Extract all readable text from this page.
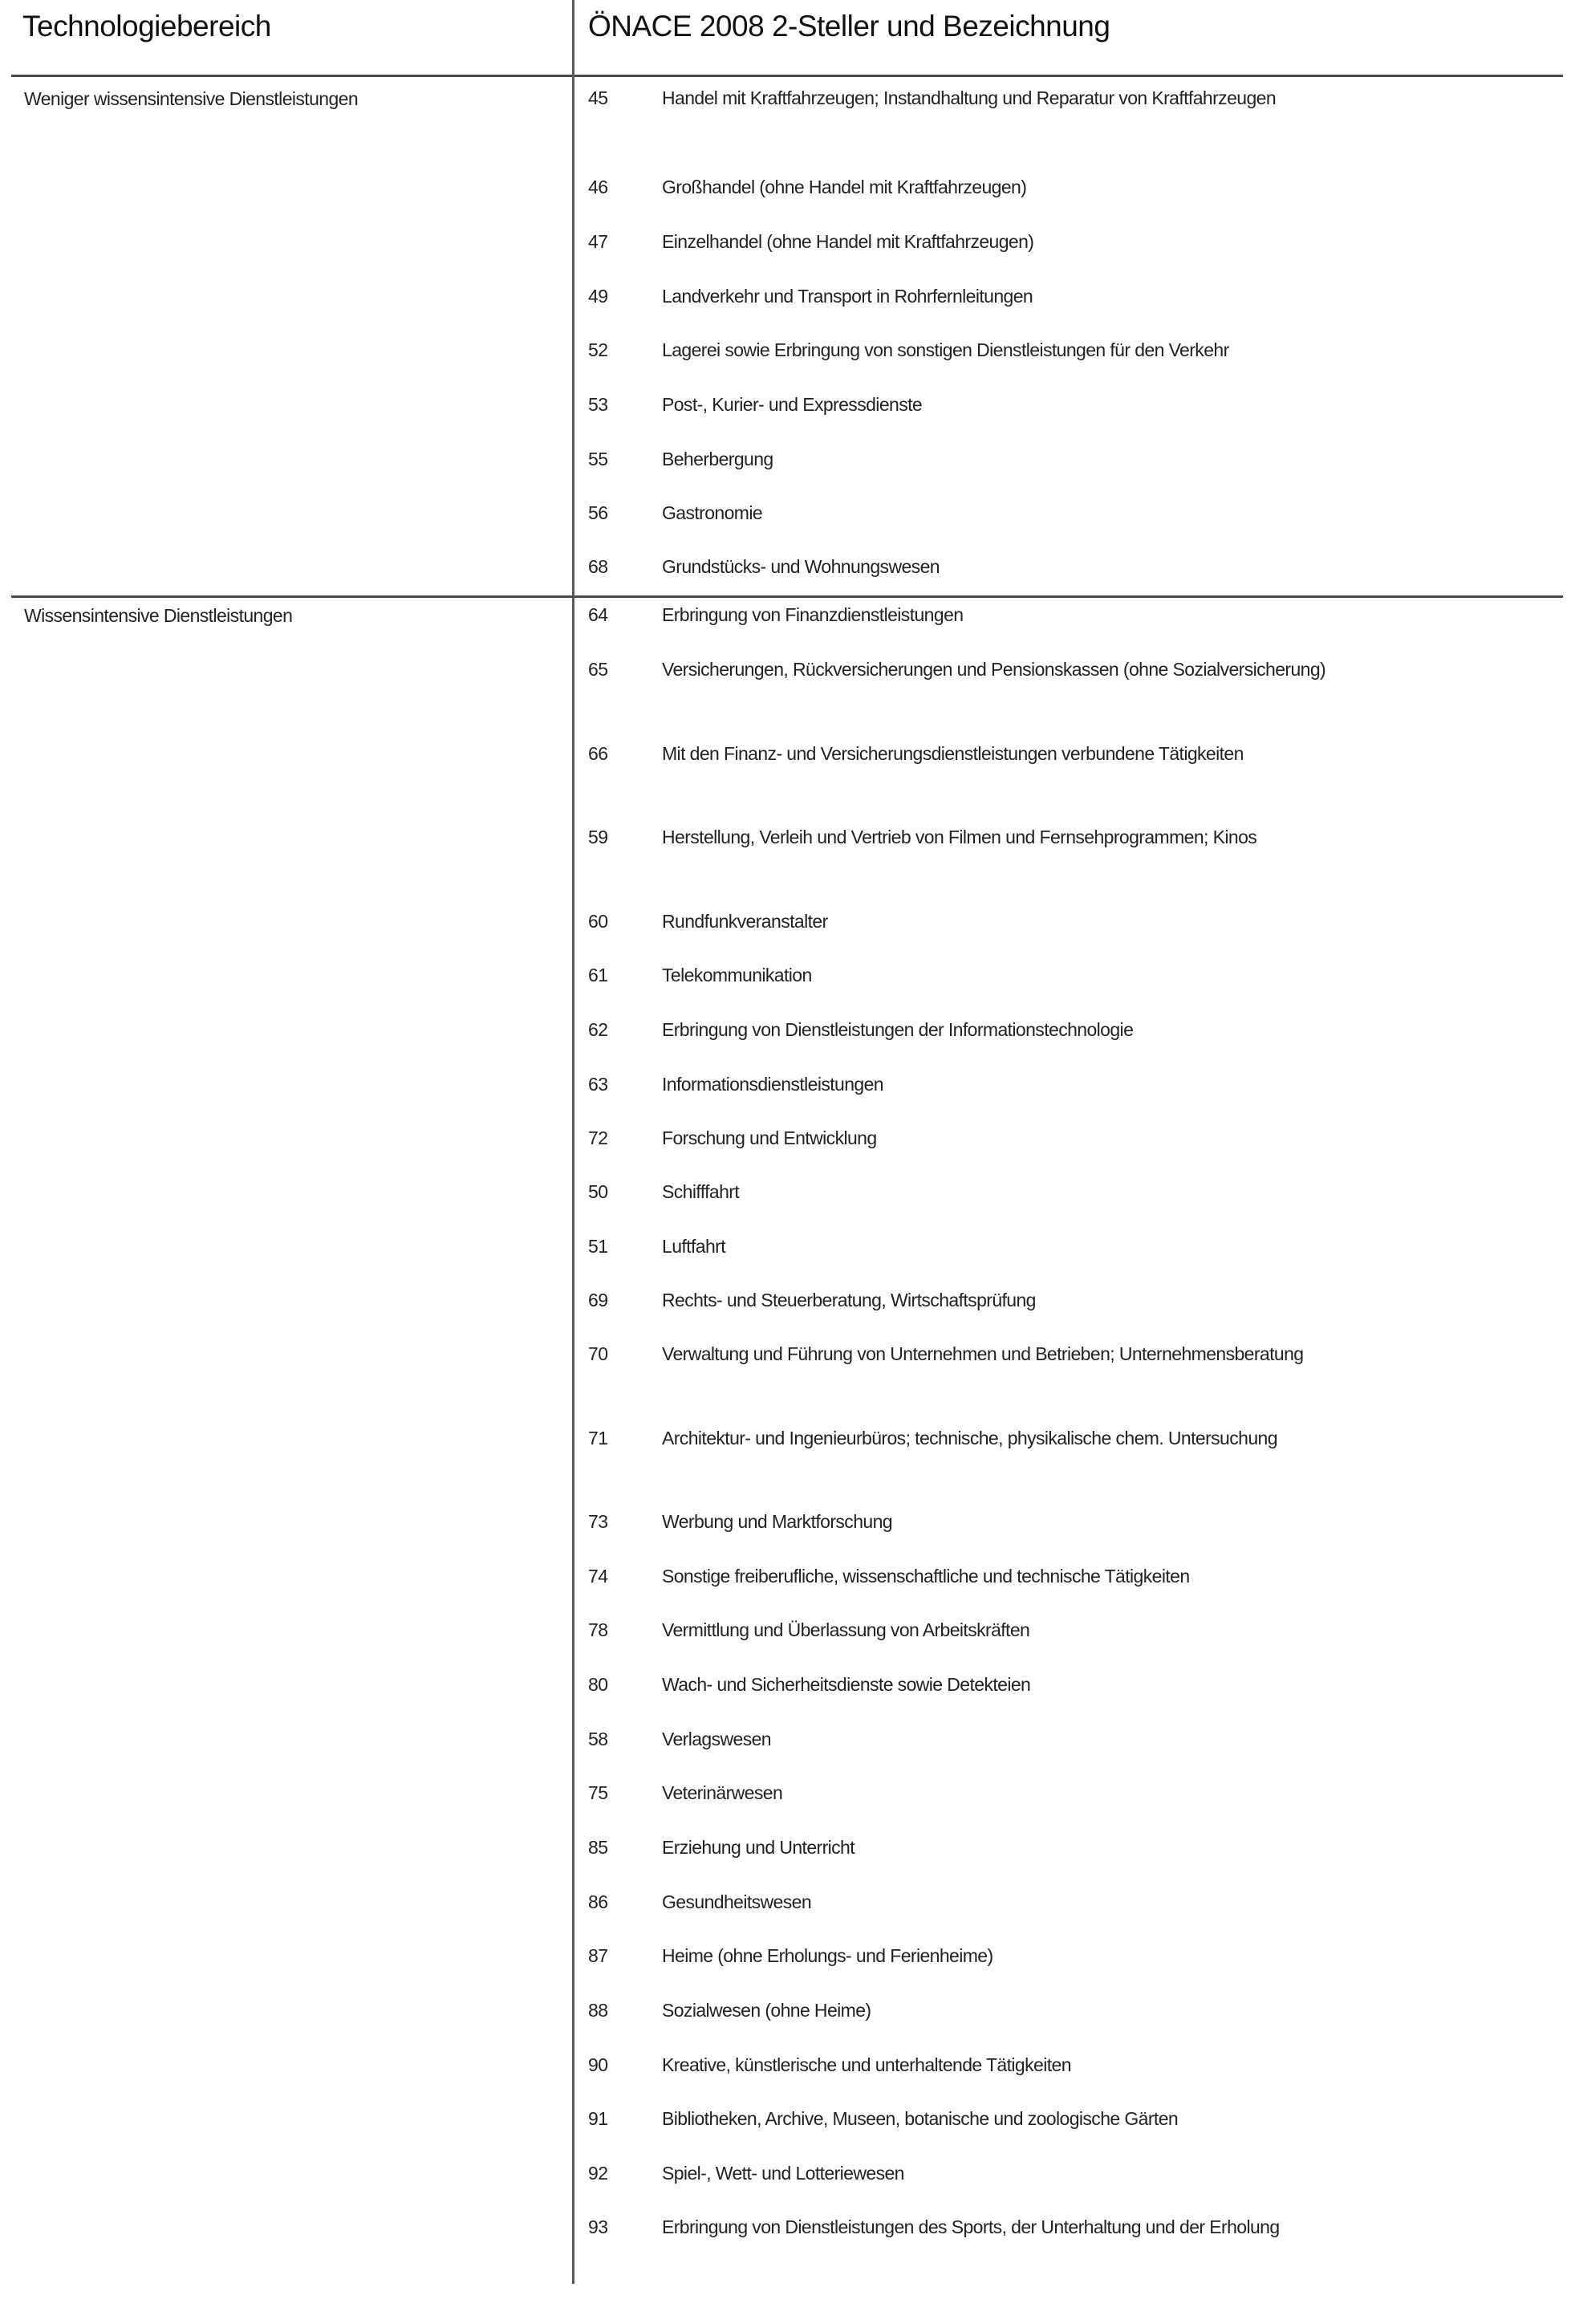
Technologiebereich	ÖNACE 2008 2-Steller und Bezeichnung
Weniger wissensintensive Dienstleistungen	45	Handel mit Kraftfahrzeugen; Instandhaltung und Reparatur von Kraftfahrzeugen
46	Großhandel (ohne Handel mit Kraftfahrzeugen)
47	Einzelhandel (ohne Handel mit Kraftfahrzeugen)
49	Landverkehr und Transport in Rohrfernleitungen
52	Lagerei sowie Erbringung von sonstigen Dienstleistungen für den Verkehr
53	Post-, Kurier- und Expressdienste
55	Beherbergung
56	Gastronomie
68	Grundstücks- und Wohnungswesen
Wissensintensive Dienstleistungen	64	Erbringung von Finanzdienstleistungen
65	Versicherungen, Rückversicherungen und Pensionskassen (ohne Sozialversicherung)
66	Mit den Finanz- und Versicherungsdienstleistungen verbundene Tätigkeiten
59	Herstellung, Verleih und Vertrieb von Filmen und Fernsehprogrammen; Kinos
60	Rundfunkveranstalter
61	Telekommunikation
62	Erbringung von Dienstleistungen der Informationstechnologie
63	Informationsdienstleistungen
72	Forschung und Entwicklung
50	Schifffahrt
51	Luftfahrt
69	Rechts- und Steuerberatung, Wirtschaftsprüfung
70	Verwaltung und Führung von Unternehmen und Betrieben; Unternehmensberatung
71	Architektur- und Ingenieurbüros; technische, physikalische chem. Untersuchung
73	Werbung und Marktforschung
74	Sonstige freiberufliche, wissenschaftliche und technische Tätigkeiten
78	Vermittlung und Überlassung von Arbeitskräften
80	Wach- und Sicherheitsdienste sowie Detekteien
58	Verlagswesen
75	Veterinärwesen
85	Erziehung und Unterricht
86	Gesundheitswesen
87	Heime (ohne Erholungs- und Ferienheime)
88	Sozialwesen (ohne Heime)
90	Kreative, künstlerische und unterhaltende Tätigkeiten
91	Bibliotheken, Archive, Museen, botanische und zoologische Gärten
92	Spiel-, Wett- und Lotteriewesen
93	Erbringung von Dienstleistungen des Sports, der Unterhaltung und der Erholung
